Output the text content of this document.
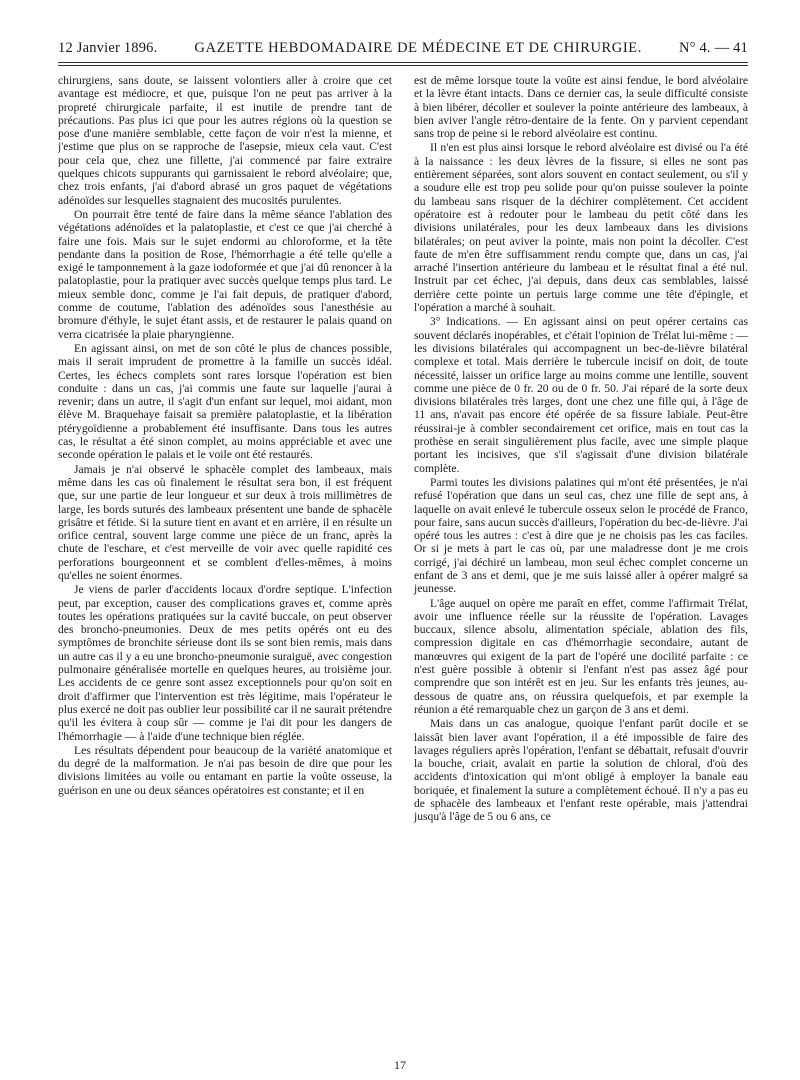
12 Janvier 1896.	GAZETTE HEBDOMADAIRE DE MÉDECINE ET DE CHIRURGIE.	N° 4. — 41

chirurgiens, sans doute, se laissent volontiers aller à croire que cet avantage est médiocre, et que, puisque l'on ne peut pas arriver à la propreté chirurgicale parfaite, il est inutile de prendre tant de précautions. Pas plus ici que pour les autres régions où la question se pose d'une manière semblable, cette façon de voir n'est la mienne, et j'estime que plus on se rapproche de l'asepsie, mieux cela vaut. C'est pour cela que, chez une fillette, j'ai commencé par faire extraire quelques chicots suppurants qui garnissaient le rebord alvéolaire; que, chez trois enfants, j'ai d'abord abrasé un gros paquet de végétations adénoïdes sur lesquelles stagnaient des mucosités purulentes.

On pourrait être tenté de faire dans la même séance l'ablation des végétations adénoïdes et la palatoplastie, et c'est ce que j'ai cherché à faire une fois. Mais sur le sujet endormi au chloroforme, et la tête pendante dans la position de Rose, l'hémorrhagie a été telle qu'elle a exigé le tamponnement à la gaze iodoformée et que j'ai dû renoncer à la palatoplastie, pour la pratiquer avec succès quelque temps plus tard. Le mieux semble donc, comme je l'ai fait depuis, de pratiquer d'abord, comme de coutume, l'ablation des adénoïdes sous l'anesthésie au bromure d'éthyle, le sujet étant assis, et de restaurer le palais quand on verra cicatrisée la plaie pharyngienne.

En agissant ainsi, on met de son côté le plus de chances possible, mais il serait imprudent de promettre à la famille un succès idéal. Certes, les échecs complets sont rares lorsque l'opération est bien conduite : dans un cas, j'ai commis une faute sur laquelle j'aurai à revenir; dans un autre, il s'agit d'un enfant sur lequel, moi aidant, mon élève M. Braquehaye faisait sa première palatoplastie, et la libération ptérygoïdienne a probablement été insuffisante. Dans tous les autres cas, le résultat a été sinon complet, au moins appréciable et avec une seconde opération le palais et le voile ont été restaurés.

Jamais je n'ai observé le sphacèle complet des lambeaux, mais même dans les cas où finalement le résultat sera bon, il est fréquent que, sur une partie de leur longueur et sur deux à trois millimètres de large, les bords suturés des lambeaux présentent une bande de sphacèle grisâtre et fétide. Si la suture tient en avant et en arrière, il en résulte un orifice central, souvent large comme une pièce de un franc, après la chute de l'eschare, et c'est merveille de voir avec quelle rapidité ces perforations bourgeonnent et se comblent d'elles-mêmes, à moins qu'elles ne soient énormes.

Je viens de parler d'accidents locaux d'ordre septique. L'infection peut, par exception, causer des complications graves et, comme après toutes les opérations pratiquées sur la cavité buccale, on peut observer des broncho-pneumonies. Deux de mes petits opérés ont eu des symptômes de bronchite sérieuse dont ils se sont bien remis, mais dans un autre cas il y a eu une broncho-pneumonie suraiguë, avec congestion pulmonaire généralisée mortelle en quelques heures, au troisième jour. Les accidents de ce genre sont assez exceptionnels pour qu'on soit en droit d'affirmer que l'intervention est très légitime, mais l'opérateur le plus exercé ne doit pas oublier leur possibilité car il ne saurait prétendre qu'il les évitera à coup sûr — comme je l'ai dit pour les dangers de l'hémorrhagie — à l'aide d'une technique bien réglée.

Les résultats dépendent pour beaucoup de la variété anatomique et du degré de la malformation. Je n'ai pas besoin de dire que pour les divisions limitées au voile ou entamant en partie la voûte osseuse, la guérison en une ou deux séances opératoires est constante; et il en

est de même lorsque toute la voûte est ainsi fendue, le bord alvéolaire et la lèvre étant intacts. Dans ce dernier cas, la seule difficulté consiste à bien libérer, décoller et soulever la pointe antérieure des lambeaux, à bien aviver l'angle rétro-dentaire de la fente. On y parvient cependant sans trop de peine si le rebord alvéolaire est continu.

Il n'en est plus ainsi lorsque le rebord alvéolaire est divisé ou l'a été à la naissance : les deux lèvres de la fissure, si elles ne sont pas entièrement séparées, sont alors souvent en contact seulement, ou s'il y a soudure elle est trop peu solide pour qu'on puisse soulever la pointe du lambeau sans risquer de la déchirer complètement. Cet accident opératoire est à redouter pour le lambeau du petit côté dans les divisions unilatérales, pour les deux lambeaux dans les divisions bilatérales; on peut aviver la pointe, mais non point la décoller. C'est faute de m'en être suffisamment rendu compte que, dans un cas, j'ai arraché l'insertion antérieure du lambeau et le résultat final a été nul. Instruit par cet échec, j'ai depuis, dans deux cas semblables, laissé derrière cette pointe un pertuis large comme une tête d'épingle, et l'opération a marché à souhait.

3° Indications. — En agissant ainsi on peut opérer certains cas souvent déclarés inopérables, et c'était l'opinion de Trélat lui-même : — les divisions bilatérales qui accompagnent un bec-de-lièvre bilatéral complexe et total. Mais derrière le tubercule incisif on doit, de toute nécessité, laisser un orifice large au moins comme une lentille, souvent comme une pièce de 0 fr. 20 ou de 0 fr. 50. J'ai réparé de la sorte deux divisions bilatérales très larges, dont une chez une fille qui, à l'âge de 11 ans, n'avait pas encore été opérée de sa fissure labiale. Peut-être réussirai-je à combler secondairement cet orifice, mais en tout cas la prothèse en serait singulièrement plus facile, avec une simple plaque portant les incisives, que s'il s'agissait d'une division bilatérale complète.

Parmi toutes les divisions palatines qui m'ont été présentées, je n'ai refusé l'opération que dans un seul cas, chez une fille de sept ans, à laquelle on avait enlevé le tubercule osseux selon le procédé de Franco, pour faire, sans aucun succès d'ailleurs, l'opération du bec-de-lièvre. J'ai opéré tous les autres : c'est à dire que je ne choisis pas les cas faciles. Or si je mets à part le cas où, par une maladresse dont je me crois corrigé, j'ai déchiré un lambeau, mon seul échec complet concerne un enfant de 3 ans et demi, que je me suis laissé aller à opérer malgré sa jeunesse.

L'âge auquel on opère me paraît en effet, comme l'affirmait Trélat, avoir une influence réelle sur la réussite de l'opération. Lavages buccaux, silence absolu, alimentation spéciale, ablation des fils, compression digitale en cas d'hémorrhagie secondaire, autant de manœuvres qui exigent de la part de l'opéré une docilité parfaite : ce n'est guère possible à obtenir si l'enfant n'est pas assez âgé pour comprendre que son intérêt est en jeu. Sur les enfants très jeunes, au-dessous de quatre ans, on réussira quelquefois, et par exemple la réunion a été remarquable chez un garçon de 3 ans et demi.

Mais dans un cas analogue, quoique l'enfant parût docile et se laissât bien laver avant l'opération, il a été impossible de faire des lavages réguliers après l'opération, l'enfant se débattait, refusait d'ouvrir la bouche, criait, avalait en partie la solution de chloral, d'où des accidents d'intoxication qui m'ont obligé à employer la banale eau boriquée, et finalement la suture a complètement échoué. Il n'y a pas eu de sphacèle des lambeaux et l'enfant reste opérable, mais j'attendrai jusqu'à l'âge de 5 ou 6 ans, ce

17
